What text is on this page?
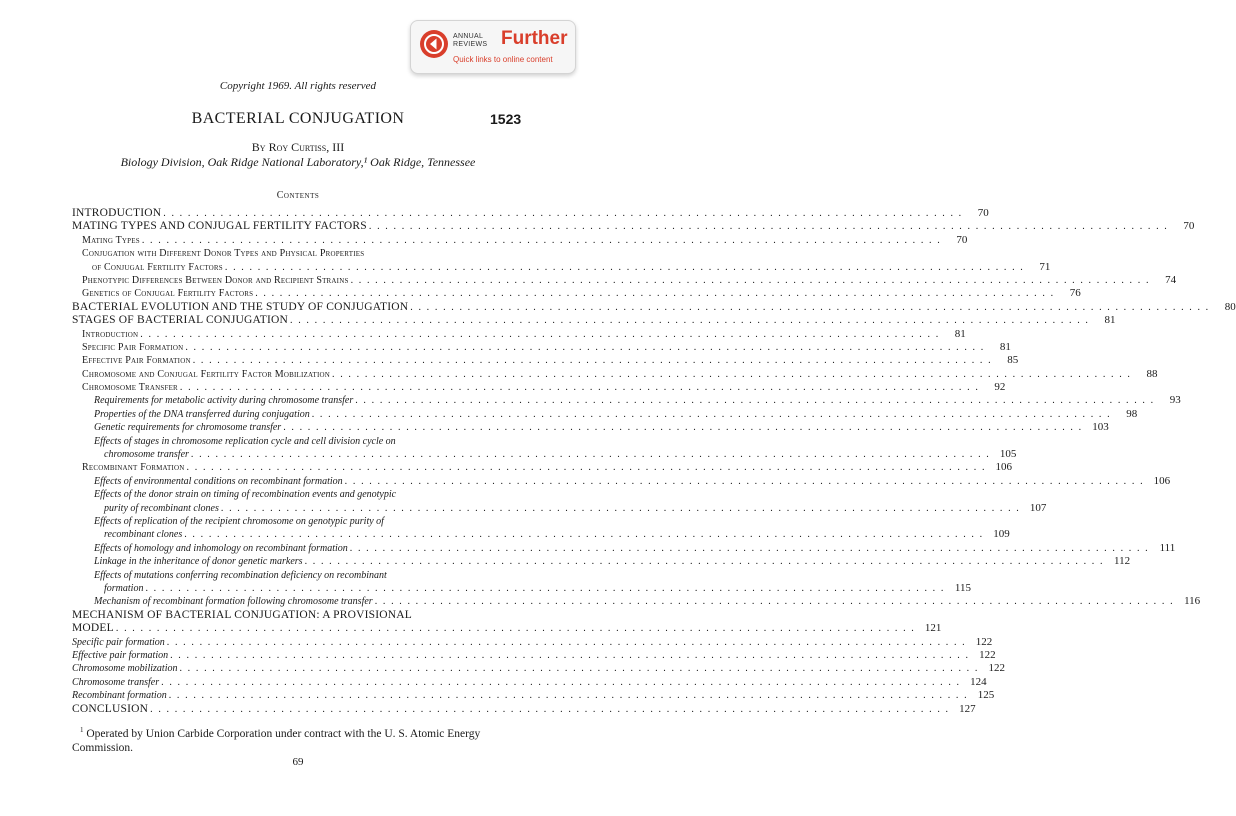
ANNUAL
REVIEWS Further
Quick links to online content
Copyright 1969. All rights reserved
BACTERIAL CONJUGATION	1523
By Roy Curtiss, III
Biology Division, Oak Ridge National Laboratory,¹ Oak Ridge, Tennessee
Contents
INTRODUCTION . . .	70
MATING TYPES AND CONJUGAL FERTILITY FACTORS . . .	70
Mating Types . . .	70
Conjugation with Different Donor Types and Physical Properties
of Conjugal Fertility Factors . . .	71
Phenotypic Differences Between Donor and Recipient Strains . . .	74
Genetics of Conjugal Fertility Factors . . .	76
BACTERIAL EVOLUTION AND THE STUDY OF CONJUGATION . . .	80
STAGES OF BACTERIAL CONJUGATION . . .	81
Introduction . . .	81
Specific Pair Formation . . .	81
Effective Pair Formation . . .	85
Chromosome and Conjugal Fertility Factor Mobilization . . .	88
Chromosome Transfer . . .	92
Requirements for metabolic activity during chromosome transfer . . .	93
Properties of the DNA transferred during conjugation . . .	98
Genetic requirements for chromosome transfer . . .	103
Effects of stages in chromosome replication cycle and cell division cycle on
chromosome transfer . . .	105
Recombinant Formation . . .	106
Effects of environmental conditions on recombinant formation . . .	106
Effects of the donor strain on timing of recombination events and genotypic
purity of recombinant clones . . .	107
Effects of replication of the recipient chromosome on genotypic purity of
recombinant clones . . .	109
Effects of homology and inhomology on recombinant formation . . .	111
Linkage in the inheritance of donor genetic markers . . .	112
Effects of mutations conferring recombination deficiency on recombinant
formation . . .	115
Mechanism of recombinant formation following chromosome transfer . . .	116
MECHANISM OF BACTERIAL CONJUGATION: A PROVISIONAL
MODEL . . .	121
Specific pair formation . . .	122
Effective pair formation . . .	122
Chromosome mobilization . . .	122
Chromosome transfer . . .	124
Recombinant formation . . .	125
CONCLUSION . . .	127
$^1$ Operated by Union Carbide Corporation under contract with the U. S. Atomic Energy Commission.
69
